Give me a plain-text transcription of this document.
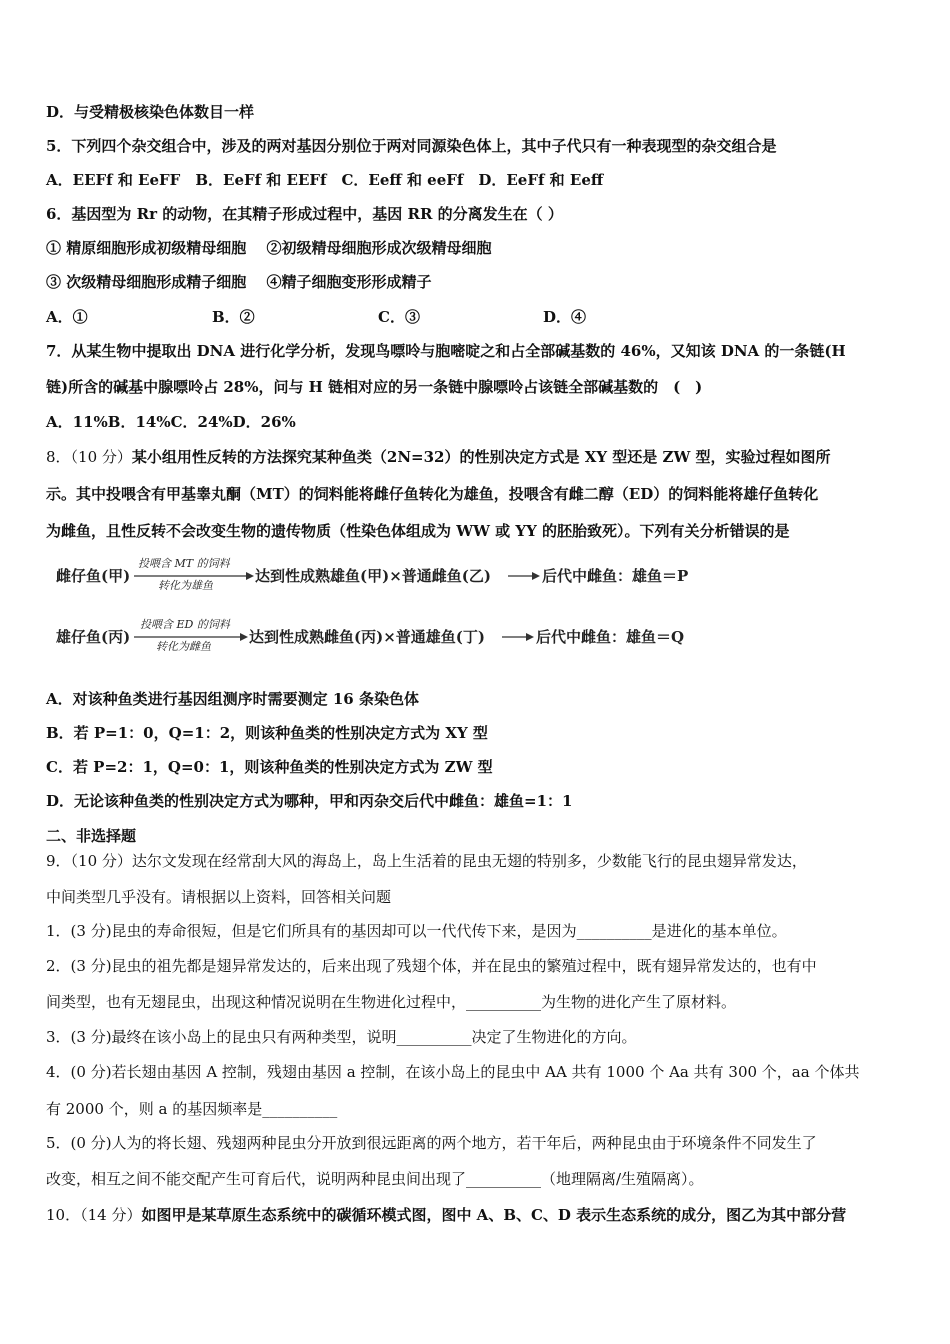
D．与受精极核染色体数目一样
5．下列四个杂交组合中，涉及的两对基因分别位于两对同源染色体上，其中子代只有一种表现型的杂交组合是
A．EEFf 和 EeFF　B．EeFf 和 EEFf　C．Eeff 和 eeFf　D．EeFf 和 Eeff
6．基因型为 Rr 的动物，在其精子形成过程中，基因 RR 的分离发生在（ ）
① 精原细胞形成初级精母细胞　 ②初级精母细胞形成次级精母细胞
③ 次级精母细胞形成精子细胞　 ④精子细胞变形形成精子
A．①	B．②	C．③	D．④
7．从某生物中提取出 DNA 进行化学分析，发现鸟嘌呤与胞嘧啶之和占全部碱基数的 46%，又知该 DNA 的一条链(H
链)所含的碱基中腺嘌呤占 28%，问与 H 链相对应的另一条链中腺嘌呤占该链全部碱基数的　(　)
A．11%B．14%C．24%D．26%
8．（10 分）某小组用性反转的方法探究某种鱼类（2N=32）的性别决定方式是 XY 型还是 ZW 型，实验过程如图所
示。其中投喂含有甲基睾丸酮（MT）的饲料能将雌仔鱼转化为雄鱼，投喂含有雌二醇（ED）的饲料能将雄仔鱼转化
为雌鱼，且性反转不会改变生物的遗传物质（性染色体组成为 WW 或 YY 的胚胎致死）。下列有关分析错误的是
雌仔鱼(甲)
投喂含 MT 的饲料
转化为雄鱼
达到性成熟雄鱼(甲)×普通雌鱼(乙)	后代中雌鱼：雄鱼＝P
雄仔鱼(丙)
投喂含 ED 的饲料
转化为雌鱼
达到性成熟雌鱼(丙)×普通雄鱼(丁)	后代中雌鱼：雄鱼＝Q
A．对该种鱼类进行基因组测序时需要测定 16 条染色体
B．若 P=1：0，Q=1：2，则该种鱼类的性别决定方式为 XY 型
C．若 P=2：1，Q=0：1，则该种鱼类的性别决定方式为 ZW 型
D．无论该种鱼类的性别决定方式为哪种，甲和丙杂交后代中雌鱼：雄鱼=1：1
二、非选择题
9．（10 分）达尔文发现在经常刮大风的海岛上，岛上生活着的昆虫无翅的特别多，少数能飞行的昆虫翅异常发达，
中间类型几乎没有。请根据以上资料，回答相关问题
1．(3 分)昆虫的寿命很短，但是它们所具有的基因却可以一代代传下来，是因为__________是进化的基本单位。
2．(3 分)昆虫的祖先都是翅异常发达的，后来出现了残翅个体，并在昆虫的繁殖过程中，既有翅异常发达的，也有中
间类型，也有无翅昆虫，出现这种情况说明在生物进化过程中，__________为生物的进化产生了原材料。
3．(3 分)最终在该小岛上的昆虫只有两种类型，说明__________决定了生物进化的方向。
4．(0 分)若长翅由基因 A 控制，残翅由基因 a 控制，在该小岛上的昆虫中 AA 共有 1000 个 Aa 共有 300 个，aa 个体共
有 2000 个，则 a 的基因频率是__________
5．(0 分)人为的将长翅、残翅两种昆虫分开放到很远距离的两个地方，若干年后，两种昆虫由于环境条件不同发生了
改变，相互之间不能交配产生可育后代，说明两种昆虫间出现了__________（地理隔离/生殖隔离）。
10．（14 分）如图甲是某草原生态系统中的碳循环模式图，图中 A、B、C、D 表示生态系统的成分，图乙为其中部分营
